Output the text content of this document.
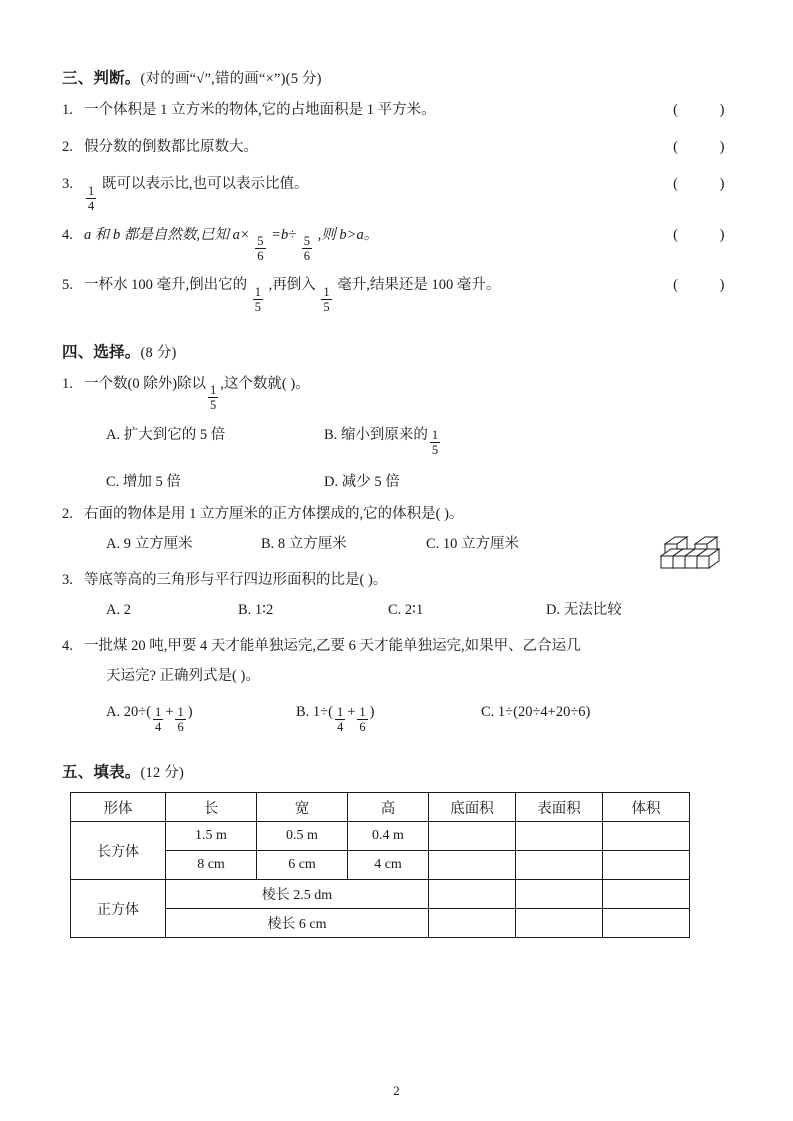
三、判断。(对的画“√”,错的画“×”)(5 分)
1. 一个体积是 1 立方米的物体,它的占地面积是 1 平方米。	(          )
2. 假分数的倒数都比原数大。	(          )
3. $\frac{1}{4}$ 既可以表示比,也可以表示比值。	(          )
4. a 和 b 都是自然数,已知 $a\times \frac{5}{6} =b\div \frac{5}{6}$ ,则 b>a。	(          )
5. 一杯水 100 毫升,倒出它的 $\frac{1}{5}$ ,再倒入 $\frac{1}{5}$ 毫升,结果还是 100 毫升。	(          )
四、选择。(8 分)
1. 一个数(0 除外)除以 $\frac{1}{5}$ ,这个数就( )。
A.
扩大到它的 5 倍	B.
缩小到原来的 $\frac{1}{5}$
C.
增加 5 倍	D.
减少 5 倍
2. 右面的物体是用 1 立方厘米的正方体摆成的,它的体积是( )。
A.
9 立方厘米	B.
8 立方厘米	C.
10 立方厘米
3. 等底等高的三角形与平行四边形面积的比是( )。
A.
2	B.
1∶2	C.
2∶1	D.
无法比较
4. 一批煤 20 吨,甲要 4 天才能单独运完,乙要 6 天才能单独运完,如果甲、乙合运几
天运完? 正确列式是( )。
A.
$20\div( \frac{1}{4} + \frac{1}{6}$ )	B.
$1\div( \frac{1}{4} + \frac{1}{6}$ )	C.
1÷(20÷4+20÷6)
五、填表。(12 分)
形体	长	宽	高	底面积	表面积	体积
长方体	1.5 m	0.5 m	0.4 m			
	8 cm	6 cm	4 cm			
正方体	棱长 2.5 dm					
	棱长 6 cm					
2
